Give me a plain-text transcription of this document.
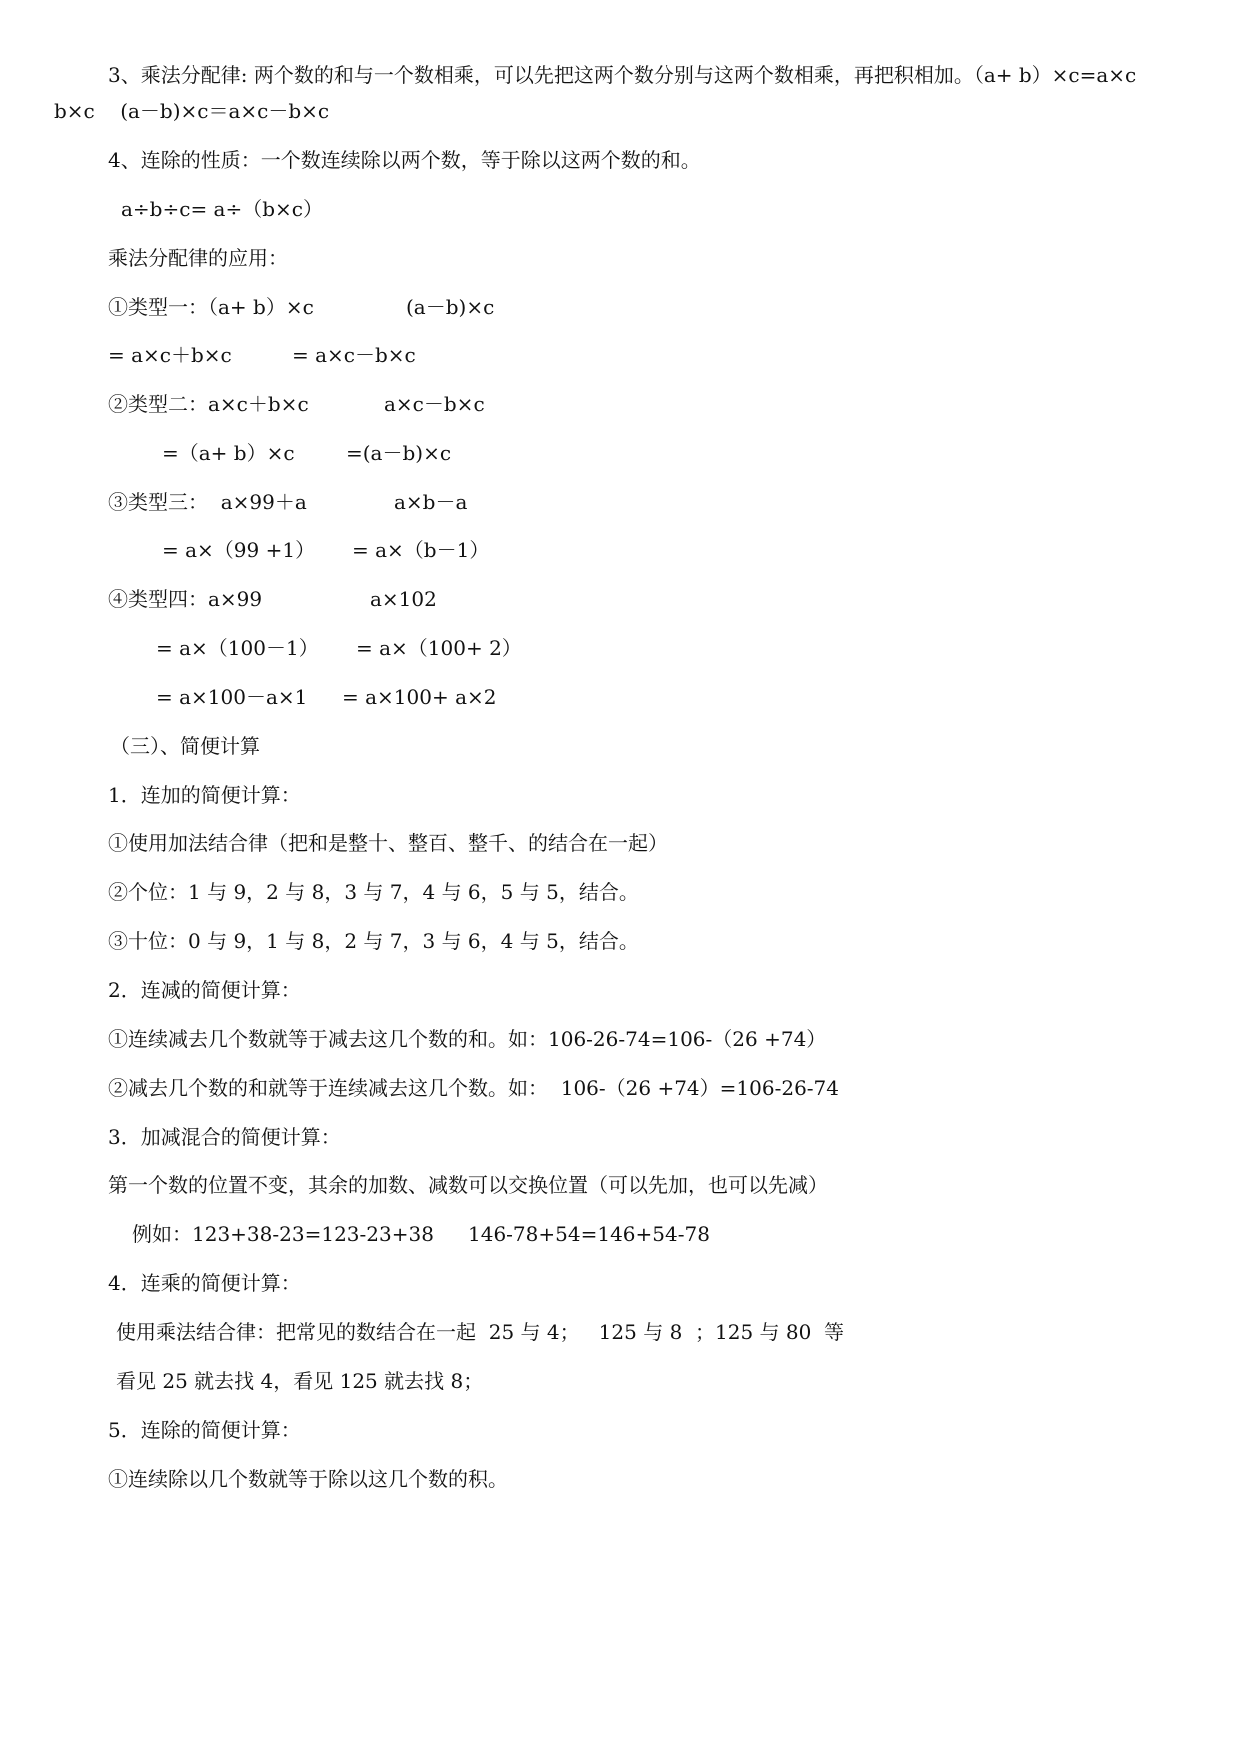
3、乘法分配律: 两个数的和与一个数相乘，可以先把这两个数分别与这两个数相乘，再把积相加。（a+ b）×c=a×c
b×c    (a－b)×c＝a×c－b×c
4、连除的性质：一个数连续除以两个数，等于除以这两个数的和。
a÷b÷c= a÷（b×c）
乘法分配律的应用：
①类型一：（a+ b）×c	(a－b)×c
= a×c＋b×c	= a×c－b×c
②类型二：a×c＋b×c	a×c－b×c
=（a+ b）×c	=(a－b)×c
③类型三：  a×99＋a	a×b－a
= a×（99 +1） = a×（b－1）
④类型四：a×99	a×102
= a×（100－1） = a×（100+ 2）
= a×100－a×1 = a×100+ a×2
（三）、简便计算
1．连加的简便计算：
①使用加法结合律（把和是整十、整百、整千、的结合在一起）
②个位：1 与 9，2 与 8，3 与 7，4 与 6，5 与 5，结合。
③十位：0 与 9，1 与 8，2 与 7，3 与 6，4 与 5，结合。
2．连减的简便计算：
①连续减去几个数就等于减去这几个数的和。如：106-26-74=106-（26 +74）
②减去几个数的和就等于连续减去这几个数。如：  106-（26 +74）=106-26-74
3．加减混合的简便计算：
第一个数的位置不变，其余的加数、减数可以交换位置（可以先加，也可以先减）
例如：123+38-23=123-23+38 146-78+54=146+54-78
4．连乘的简便计算：
使用乘法结合律：把常见的数结合在一起  25 与 4；   125 与 8  ；125 与 80  等
看见 25 就去找 4，看见 125 就去找 8；
5．连除的简便计算：
①连续除以几个数就等于除以这几个数的积。
